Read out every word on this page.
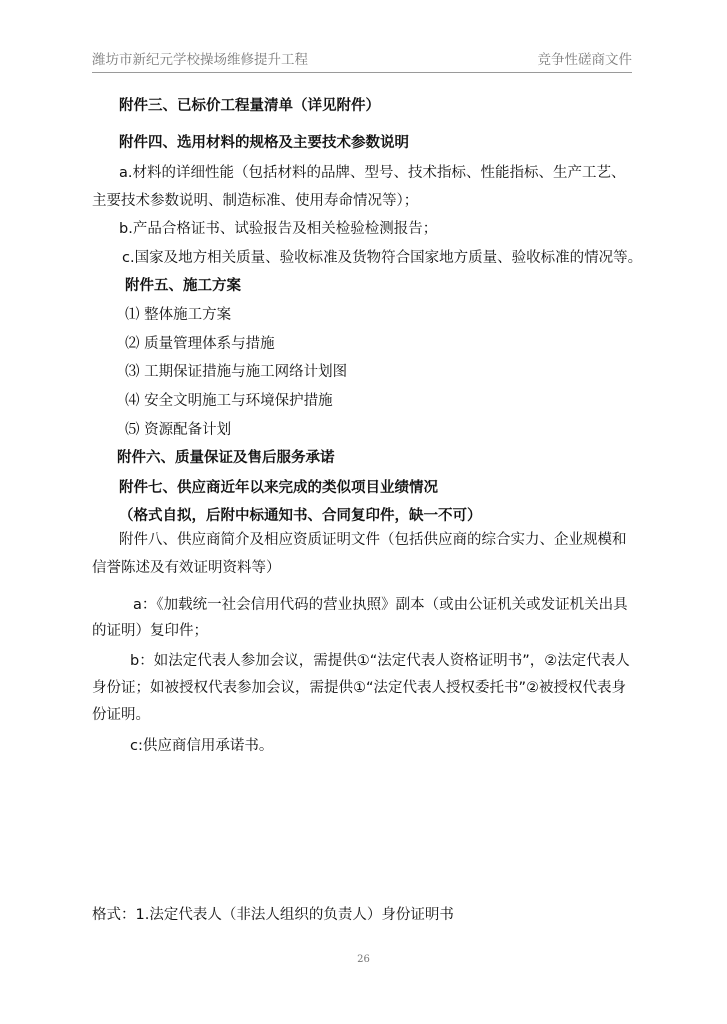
潍坊市新纪元学校操场维修提升工程	竞争性磋商文件
附件三、已标价工程量清单（详见附件）
附件四、选用材料的规格及主要技术参数说明
a.材料的详细性能（包括材料的品牌、型号、技术指标、性能指标、生产工艺、
主要技术参数说明、制造标准、使用寿命情况等）；
b.产品合格证书、试验报告及相关检验检测报告；
c.国家及地方相关质量、验收标准及货物符合国家地方质量、验收标准的情况等。
附件五、施工方案
⑴ 整体施工方案
⑵ 质量管理体系与措施
⑶ 工期保证措施与施工网络计划图
⑷ 安全文明施工与环境保护措施
⑸ 资源配备计划
附件六、质量保证及售后服务承诺
附件七、供应商近年以来完成的类似项目业绩情况
（格式自拟，后附中标通知书、合同复印件，缺一不可）
附件八、供应商简介及相应资质证明文件（包括供应商的综合实力、企业规模和
信誉陈述及有效证明资料等）
a：《加载统一社会信用代码的营业执照》副本（或由公证机关或发证机关出具
的证明）复印件；
b：如法定代表人参加会议，需提供①“法定代表人资格证明书”，②法定代表人
身份证；如被授权代表参加会议，需提供①“法定代表人授权委托书”②被授权代表身
份证明。
c:供应商信用承诺书。
格式：1.法定代表人（非法人组织的负责人）身份证明书
26
